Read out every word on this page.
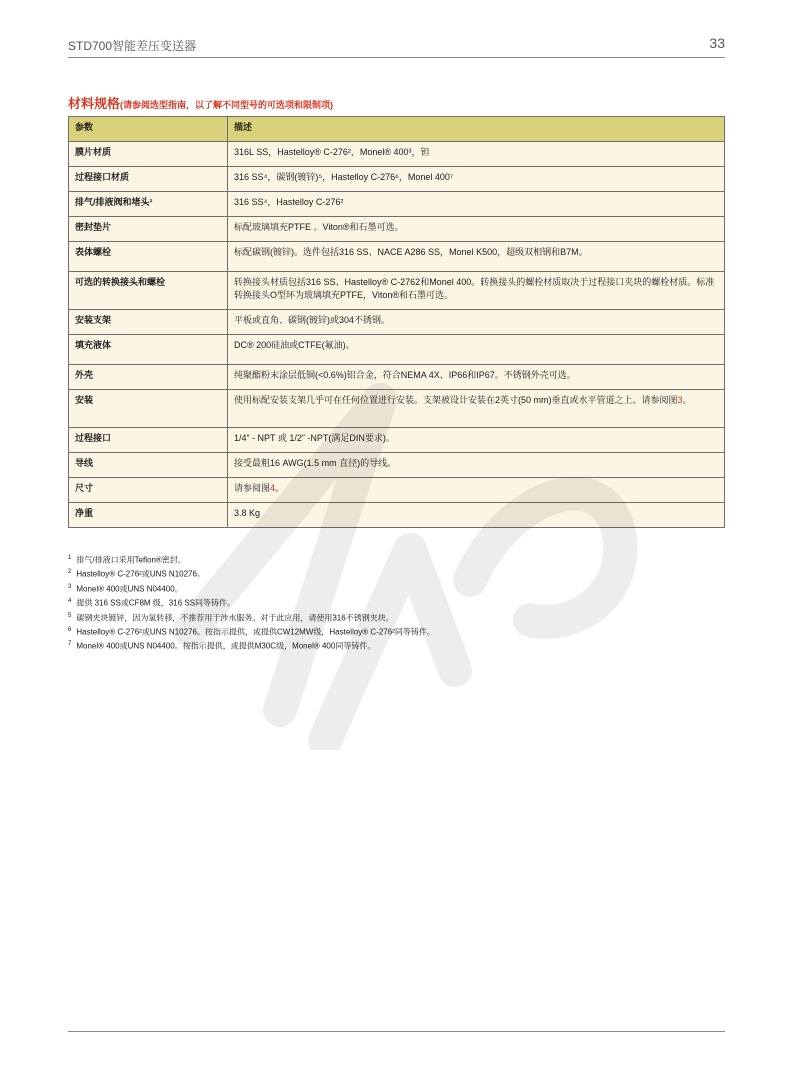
STD700智能差压变送器	33
材料规格(请参阅选型指南，以了解不同型号的可选项和限制项)
参数	描述
膜片材质	316L SS，Hastelloy® C-276²，Monel® 400³，钽
过程接口材质	316 SS⁴，碳钢(镀锌)⁵，Hastelloy C-276⁶，Monel 400⁷
排气/排液阀和堵头¹	316 SS⁴，Hastelloy C-276²
密封垫片	标配玻璃填充PTFE 。Viton®和石墨可选。
表体螺栓	标配碳钢(镀锌)。选件包括316 SS、NACE A286 SS，Monel K500，超级双相钢和B7M。
可选的转换接头和螺栓	转换接头材质包括316 SS、Hastelloy® C-2762和Monel 400。转换接头的螺栓材质取决于过程接口夹块的螺栓材质。标准转换接头O型环为玻璃填充PTFE，Viton®和石墨可选。
安装支架	平板或直角、碳钢(镀锌)或304不锈钢。
填充液体	DC® 200硅油或CTFE(氟油)。
外壳	纯聚酯粉末涂层低铜(<0.6%)铝合金，符合NEMA 4X、IP66和IP67。不锈钢外壳可选。
安装	使用标配安装支架几乎可在任何位置进行安装。支架被设计安装在2英寸(50 mm)垂直或水平管道之上。请参阅图3。
过程接口	1/4” - NPT 或 1/2” -NPT(满足DIN要求)。
导线	接受最粗16 AWG(1.5 mm 直径)的导线。
尺寸	请参阅图4。
净重	3.8 Kg
$^1$ 排气/排液口采用Teflon®密封。
$^2$ Hastelloy® C-276²或UNS N10276。
$^3$ Monel® 400或UNS N04400。
$^4$ 提供 316 SS或CF8M 级，316 SS同等铸件。
$^5$ 碳钢夹块镀锌，因为氢转移，不推荐用于涉水服务。对于此应用，请使用316不锈钢夹块。
$^6$ Hastelloy® C-276²或UNS N10276。按指示提供，或提供CW12MW级，Hastelloy® C-276²同等铸件。
$^7$ Monel® 400或UNS N04400。按指示提供，或提供M30C级，Monel® 400同等铸件。
